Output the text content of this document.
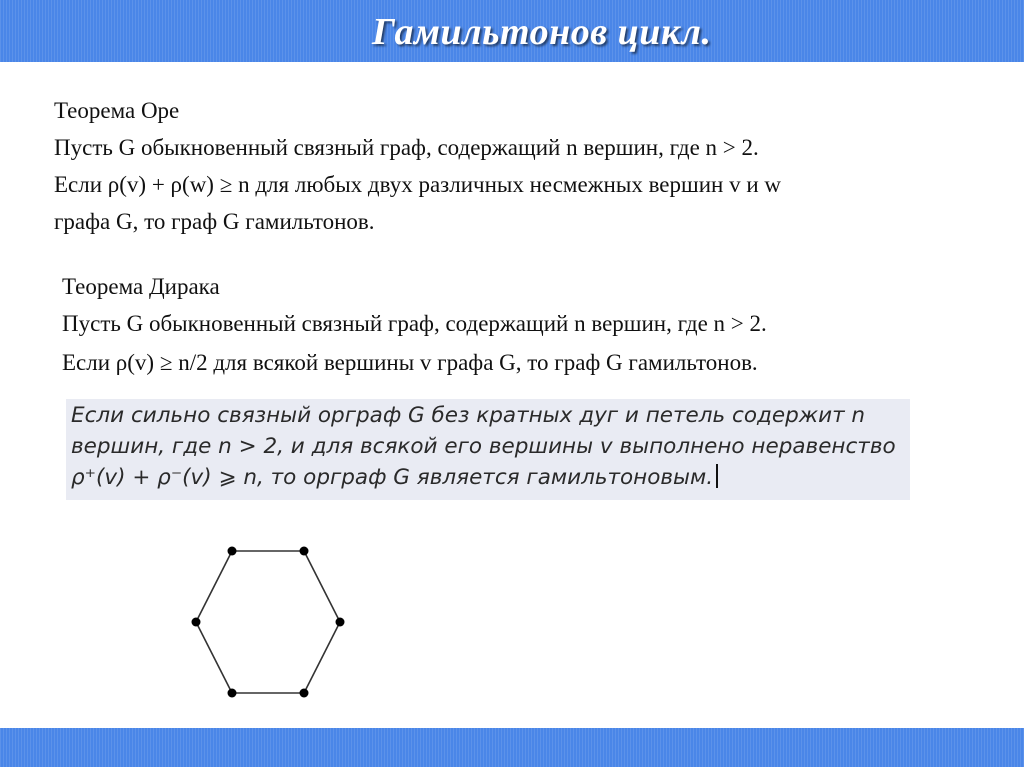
Гамильтонов цикл.
Теорема Оре
Пусть G обыкновенный связный граф, содержащий n вершин, где n > 2.
Если ρ(v) + ρ(w) ≥ n для любых двух различных несмежных вершин v и w
графа G, то граф G гамильтонов.
Теорема Дирака
Пусть G обыкновенный связный граф, содержащий n вершин, где n > 2.
Если ρ(v) ≥ n/2 для всякой вершины v графа G, то граф G гамильтонов.
Если сильно связный орграф G без кратных дуг и петель содержит n
вершин, где n > 2, и для всякой его вершины v выполнено неравенство
ρ⁺(v) + ρ⁻(v) ⩾ n, то орграф G является гамильтоновым.
